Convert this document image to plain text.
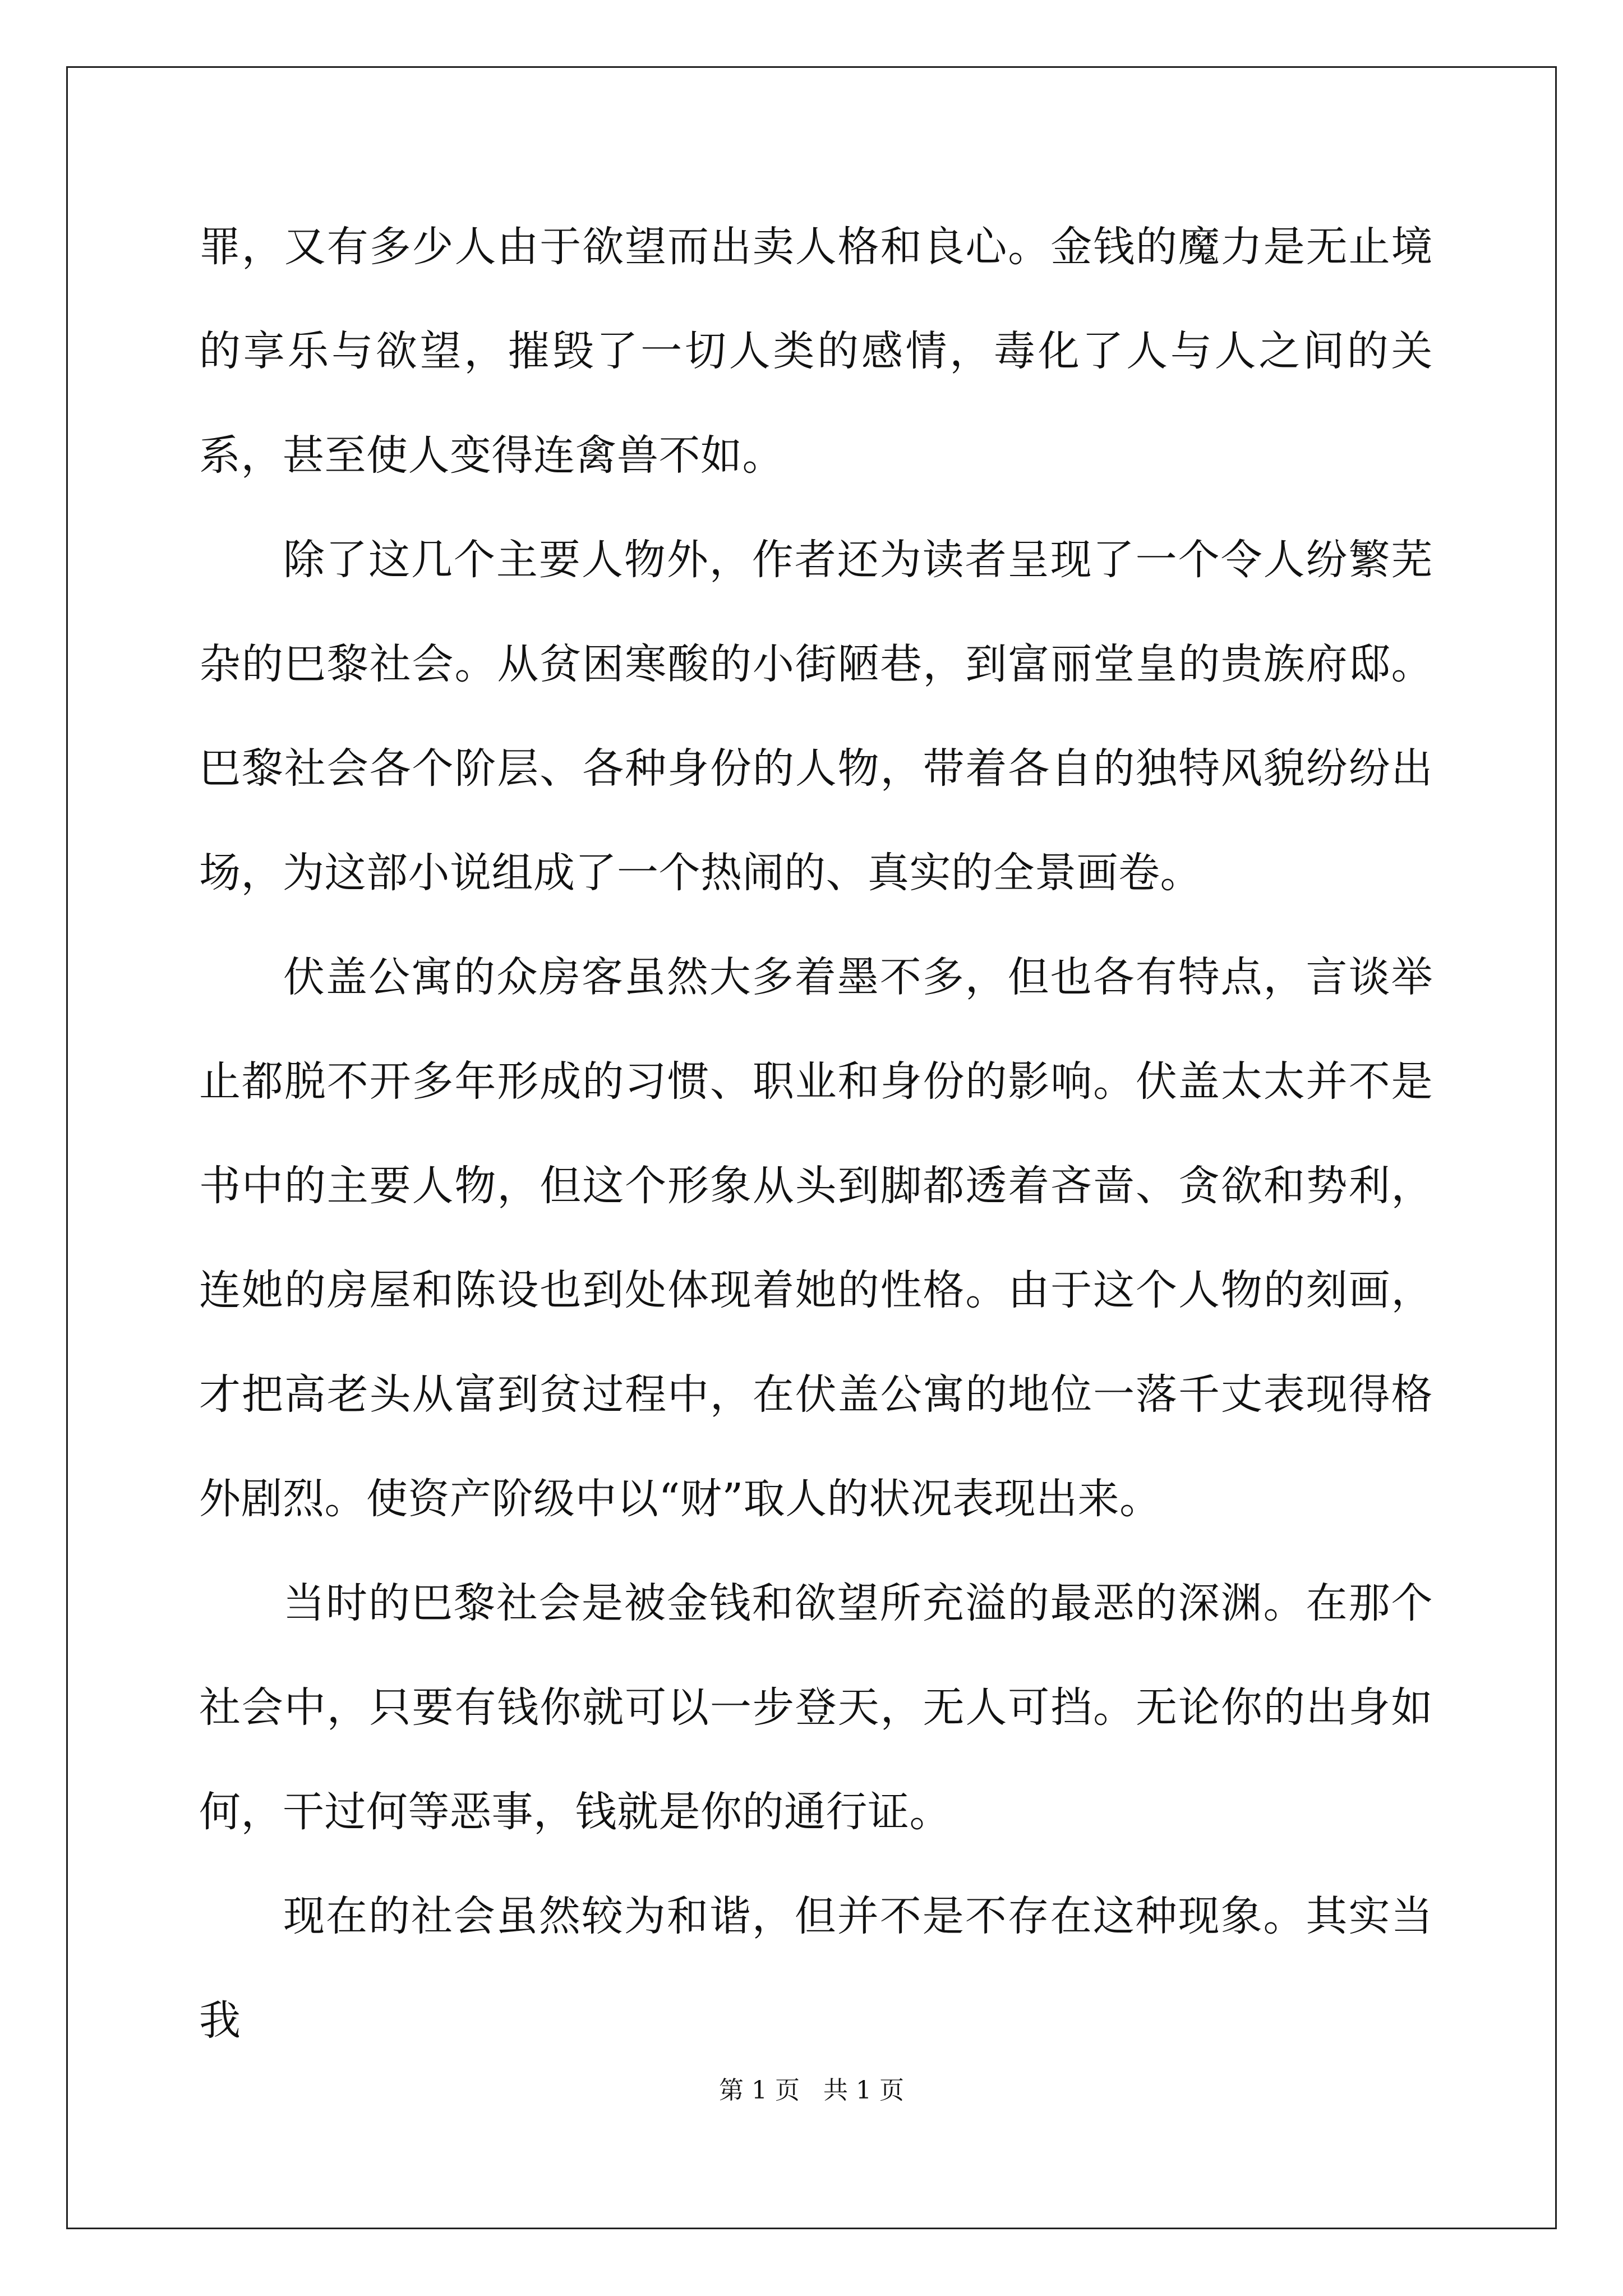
罪，又有多少人由于欲望而出卖人格和良心。金钱的魔力是无止境的享乐与欲望，摧毁了一切人类的感情，毒化了人与人之间的关系，甚至使人变得连禽兽不如。

除了这几个主要人物外，作者还为读者呈现了一个令人纷繁芜杂的巴黎社会。从贫困寒酸的小街陋巷，到富丽堂皇的贵族府邸。巴黎社会各个阶层、各种身份的人物，带着各自的独特风貌纷纷出场，为这部小说组成了一个热闹的、真实的全景画卷。

伏盖公寓的众房客虽然大多着墨不多，但也各有特点，言谈举止都脱不开多年形成的习惯、职业和身份的影响。伏盖太太并不是书中的主要人物，但这个形象从头到脚都透着吝啬、贪欲和势利，连她的房屋和陈设也到处体现着她的性格。由于这个人物的刻画，才把高老头从富到贫过程中，在伏盖公寓的地位一落千丈表现得格外剧烈。使资产阶级中以“财”取人的状况表现出来。

当时的巴黎社会是被金钱和欲望所充溢的最恶的深渊。在那个社会中，只要有钱你就可以一步登天，无人可挡。无论你的出身如何，干过何等恶事，钱就是你的通行证。

现在的社会虽然较为和谐，但并不是不存在这种现象。其实当我

第 1 页 共 1 页
